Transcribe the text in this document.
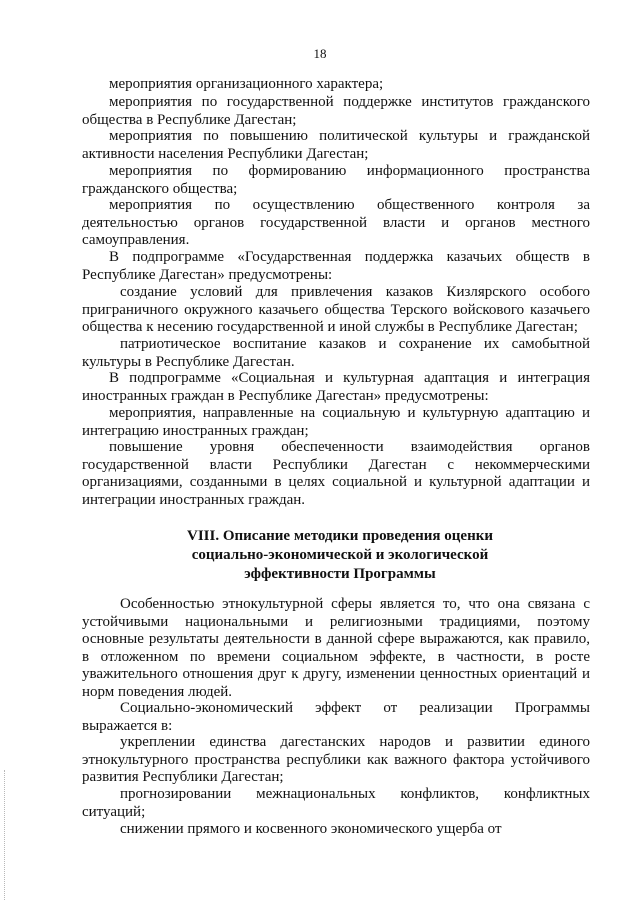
18
мероприятия организационного характера;
мероприятия по государственной поддержке институтов гражданского общества в Республике Дагестан;
мероприятия по повышению политической культуры и гражданской активности населения Республики Дагестан;
мероприятия по формированию информационного пространства гражданского общества;
мероприятия по осуществлению общественного контроля за деятельностью органов государственной власти и органов местного самоуправления.
В подпрограмме «Государственная поддержка казачьих обществ в Республике Дагестан» предусмотрены:
создание условий для привлечения казаков Кизлярского особого приграничного окружного казачьего общества Терского войскового казачьего общества к несению государственной и иной службы в Республике Дагестан;
патриотическое воспитание казаков и сохранение их самобытной культуры в Республике Дагестан.
В подпрограмме «Социальная и культурная адаптация и интеграция иностранных граждан в Республике Дагестан» предусмотрены:
мероприятия, направленные на социальную и культурную адаптацию и интеграцию иностранных граждан;
повышение уровня обеспеченности взаимодействия органов государственной власти Республики Дагестан с некоммерческими организациями, созданными в целях социальной и культурной адаптации и интеграции иностранных граждан.
VIII. Описание методики проведения оценки
социально-экономической и экологической
эффективности Программы
Особенностью этнокультурной сферы является то, что она связана с устойчивыми национальными и религиозными традициями, поэтому основные результаты деятельности в данной сфере выражаются, как правило, в отложенном по времени социальном эффекте, в частности, в росте уважительного отношения друг к другу, изменении ценностных ориентаций и норм поведения людей.
Социально-экономический эффект от реализации Программы выражается в:
укреплении единства дагестанских народов и развитии единого этнокультурного пространства республики как важного фактора устойчивого развития Республики Дагестан;
прогнозировании межнациональных конфликтов, конфликтных ситуаций;
снижении прямого и косвенного экономического ущерба от
